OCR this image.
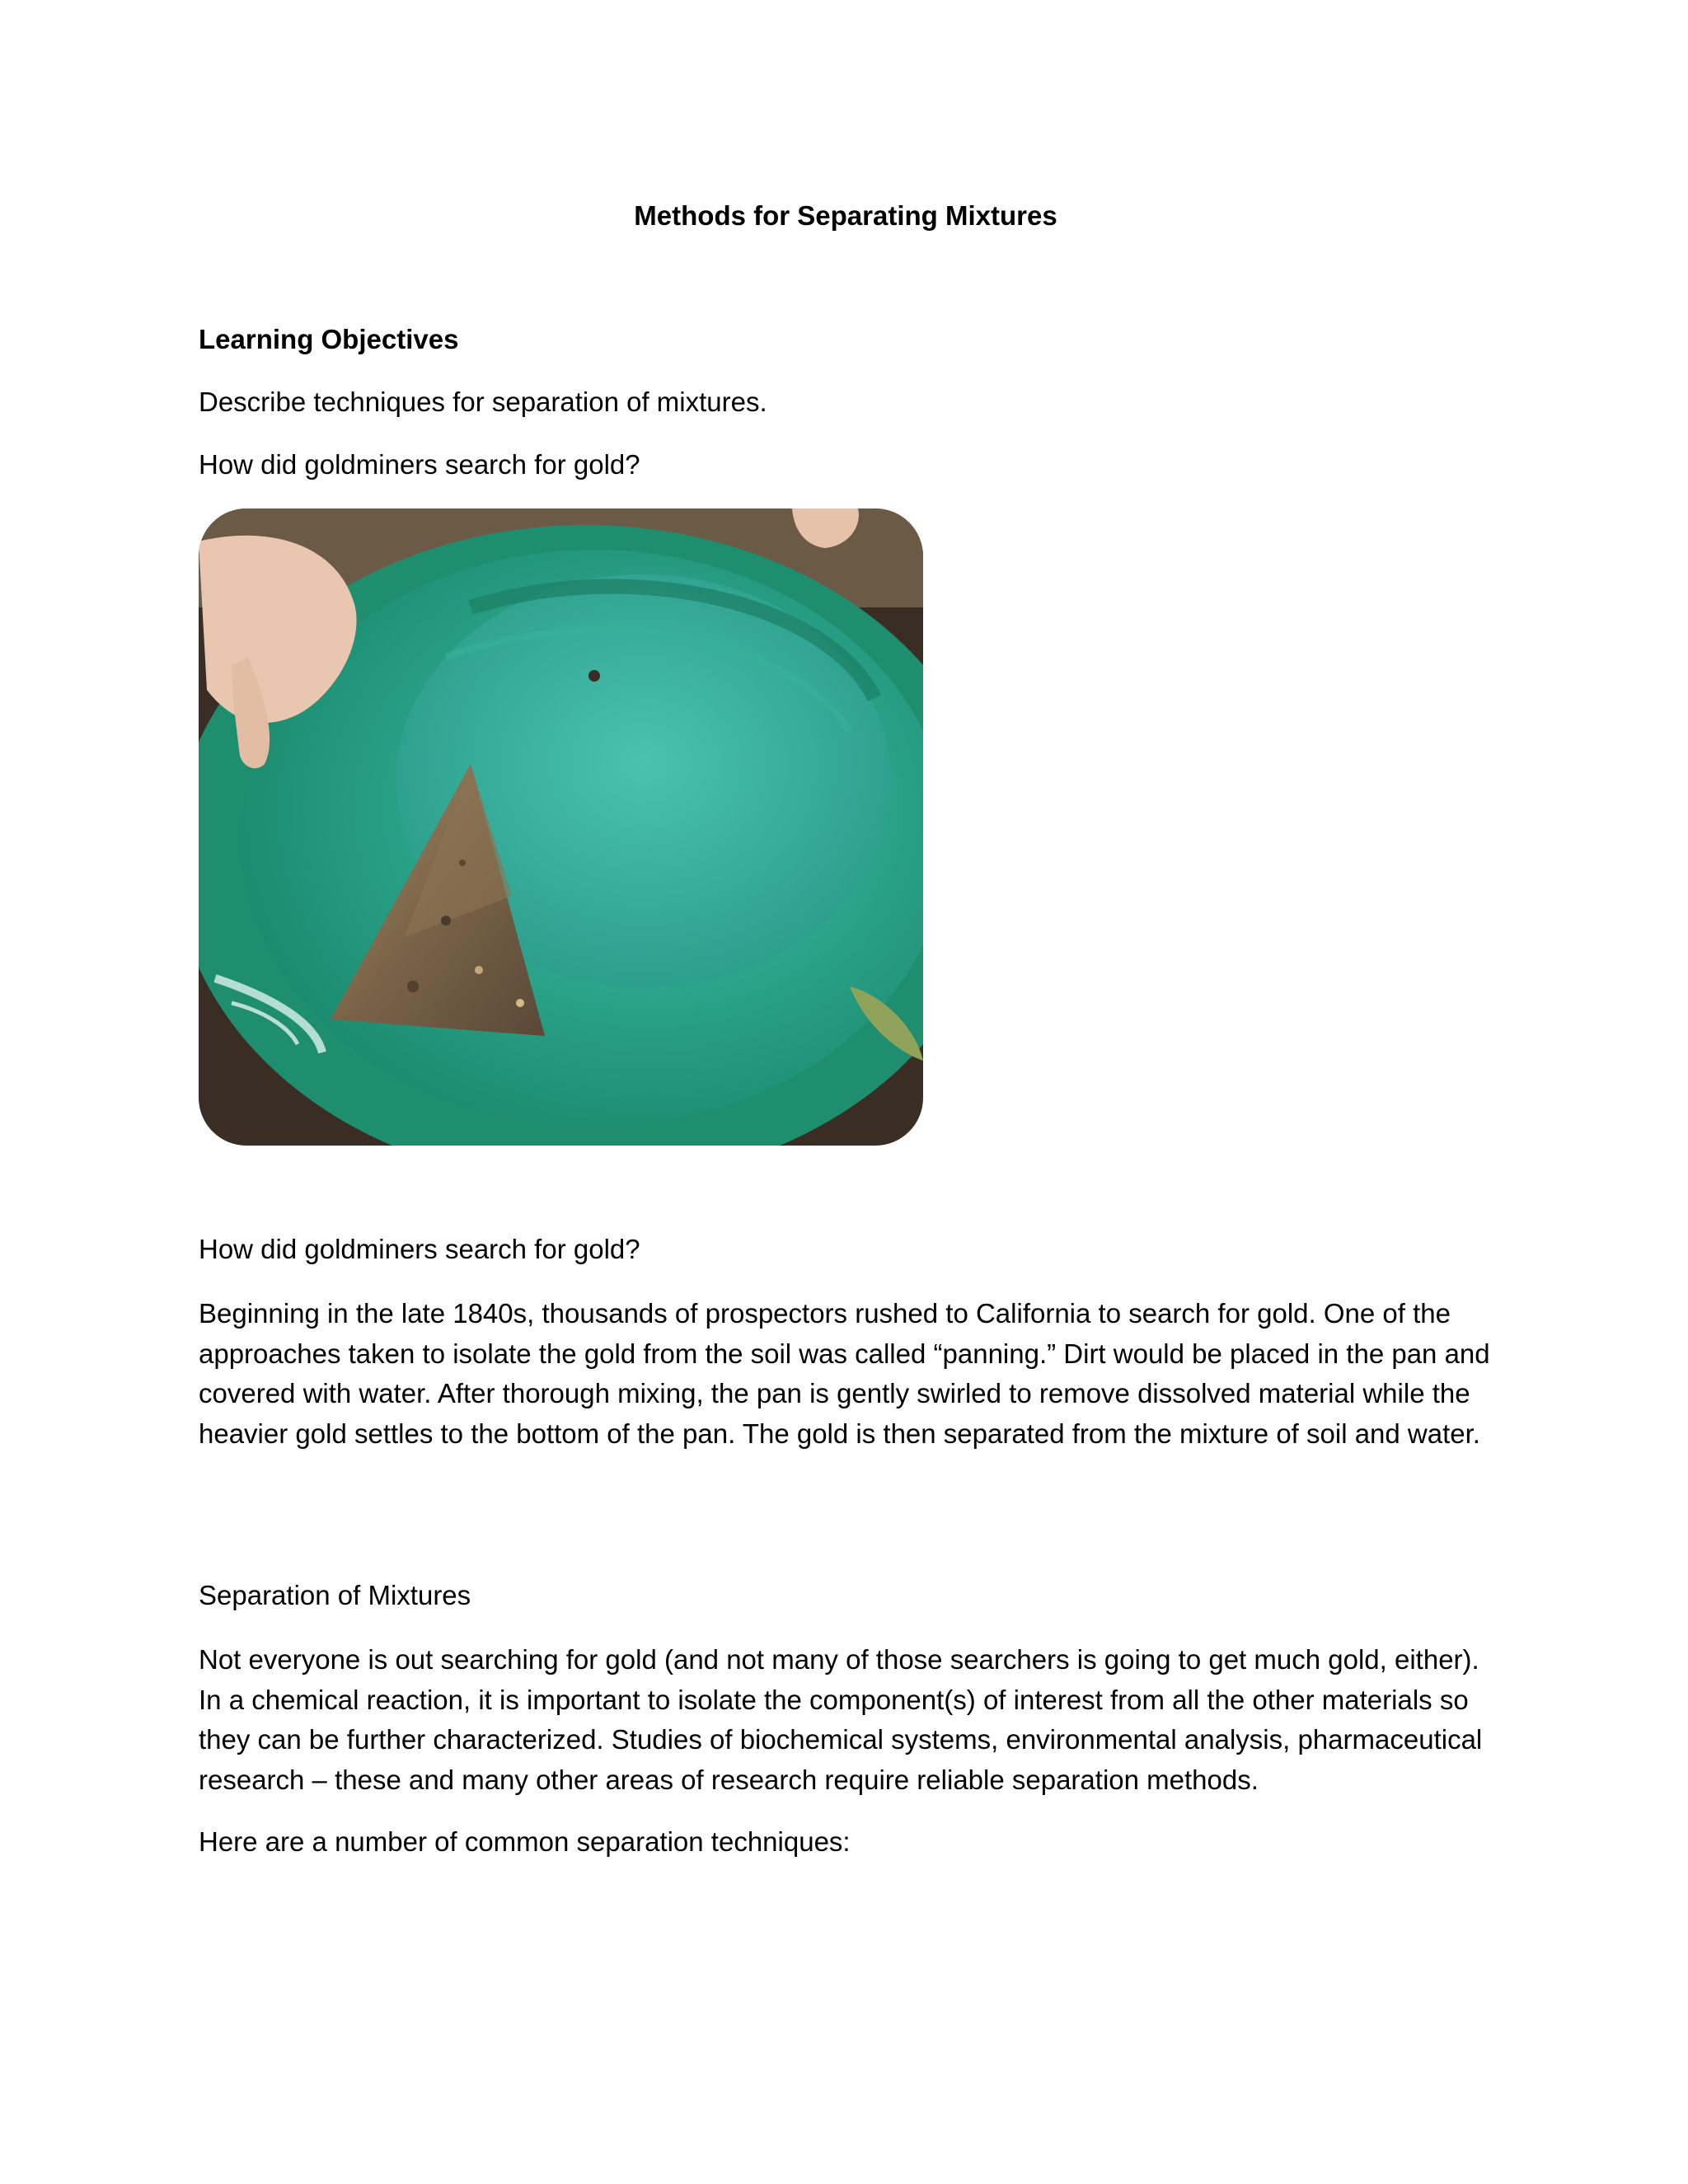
Methods for Separating Mixtures
Learning Objectives
Describe techniques for separation of mixtures.
How did goldminers search for gold?
How did goldminers search for gold?
Beginning in the late 1840s, thousands of prospectors rushed to California to search for gold. One of the approaches taken to isolate the gold from the soil was called “panning.” Dirt would be placed in the pan and covered with water. After thorough mixing, the pan is gently swirled to remove dissolved material while the heavier gold settles to the bottom of the pan. The gold is then separated from the mixture of soil and water.
Separation of Mixtures
Not everyone is out searching for gold (and not many of those searchers is going to get much gold, either). In a chemical reaction, it is important to isolate the component(s) of interest from all the other materials so they can be further characterized. Studies of biochemical systems, environmental analysis, pharmaceutical research – these and many other areas of research require reliable separation methods.
Here are a number of common separation techniques:
